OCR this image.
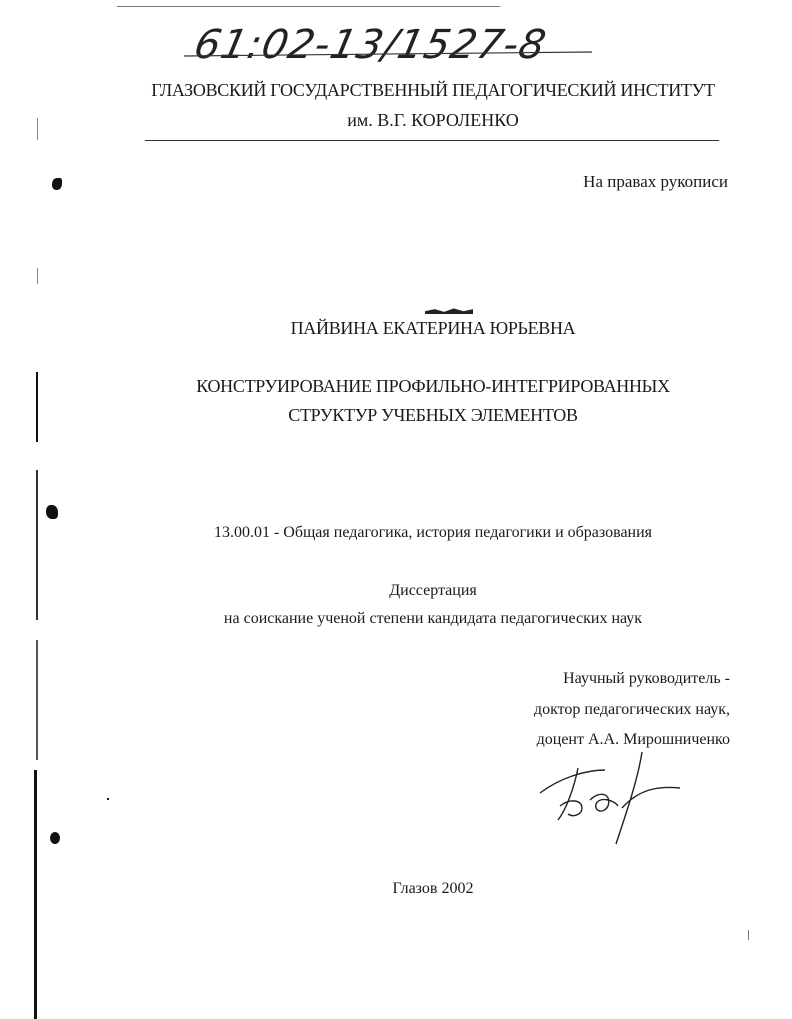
61:02-13/1527-8
ГЛАЗОВСКИЙ ГОСУДАРСТВЕННЫЙ ПЕДАГОГИЧЕСКИЙ ИНСТИТУТ
им. В.Г. КОРОЛЕНКО
На правах рукописи
ПАЙВИНА ЕКАТЕРИНА ЮРЬЕВНА
КОНСТРУИРОВАНИЕ ПРОФИЛЬНО-ИНТЕГРИРОВАННЫХ
СТРУКТУР УЧЕБНЫХ ЭЛЕМЕНТОВ
13.00.01 - Общая педагогика, история педагогики и образования
Диссертация
на соискание ученой степени кандидата педагогических наук
Научный руководитель -
доктор педагогических наук,
доцент А.А. Мирошниченко
Глазов 2002
